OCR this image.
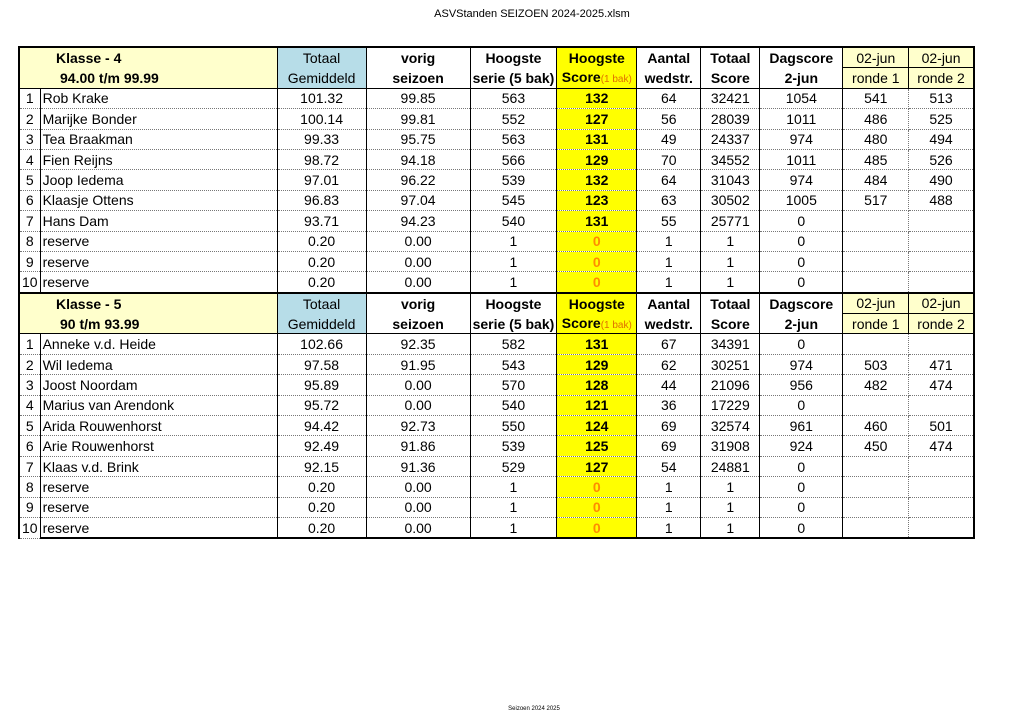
ASVStanden SEIZOEN 2024-2025.xlsm
Klasse - 4		Totaal	vorig	Hoogste	Hoogste	Aantal	Totaal	Dagscore	02-jun	02-jun
94.00 t/m 99.99		Gemiddeld	seizoen	serie (5 bak)	Score(1 bak)	wedstr.	Score	2-jun	ronde 1	ronde 2
1	Rob Krake	101.32	99.85	563	132	64	32421	1054	541	513
2	Marijke Bonder	100.14	99.81	552	127	56	28039	1011	486	525
3	Tea Braakman	99.33	95.75	563	131	49	24337	974	480	494
4	Fien Reijns	98.72	94.18	566	129	70	34552	1011	485	526
5	Joop Iedema	97.01	96.22	539	132	64	31043	974	484	490
6	Klaasje Ottens	96.83	97.04	545	123	63	30502	1005	517	488
7	Hans Dam	93.71	94.23	540	131	55	25771	0		
8	reserve	0.20	0.00	1	0	1	1	0		
9	reserve	0.20	0.00	1	0	1	1	0		
10	reserve	0.20	0.00	1	0	1	1	0		
Klasse - 5		Totaal	vorig	Hoogste	Hoogste	Aantal	Totaal	Dagscore	02-jun	02-jun
90 t/m 93.99		Gemiddeld	seizoen	serie (5 bak)	Score(1 bak)	wedstr.	Score	2-jun	ronde 1	ronde 2
1	Anneke v.d. Heide	102.66	92.35	582	131	67	34391	0		
2	Wil Iedema	97.58	91.95	543	129	62	30251	974	503	471
3	Joost Noordam	95.89	0.00	570	128	44	21096	956	482	474
4	Marius van Arendonk	95.72	0.00	540	121	36	17229	0		
5	Arida Rouwenhorst	94.42	92.73	550	124	69	32574	961	460	501
6	Arie Rouwenhorst	92.49	91.86	539	125	69	31908	924	450	474
7	Klaas v.d. Brink	92.15	91.36	529	127	54	24881	0		
8	reserve	0.20	0.00	1	0	1	1	0		
9	reserve	0.20	0.00	1	0	1	1	0		
10	reserve	0.20	0.00	1	0	1	1	0		
Seizoen 2024 2025
